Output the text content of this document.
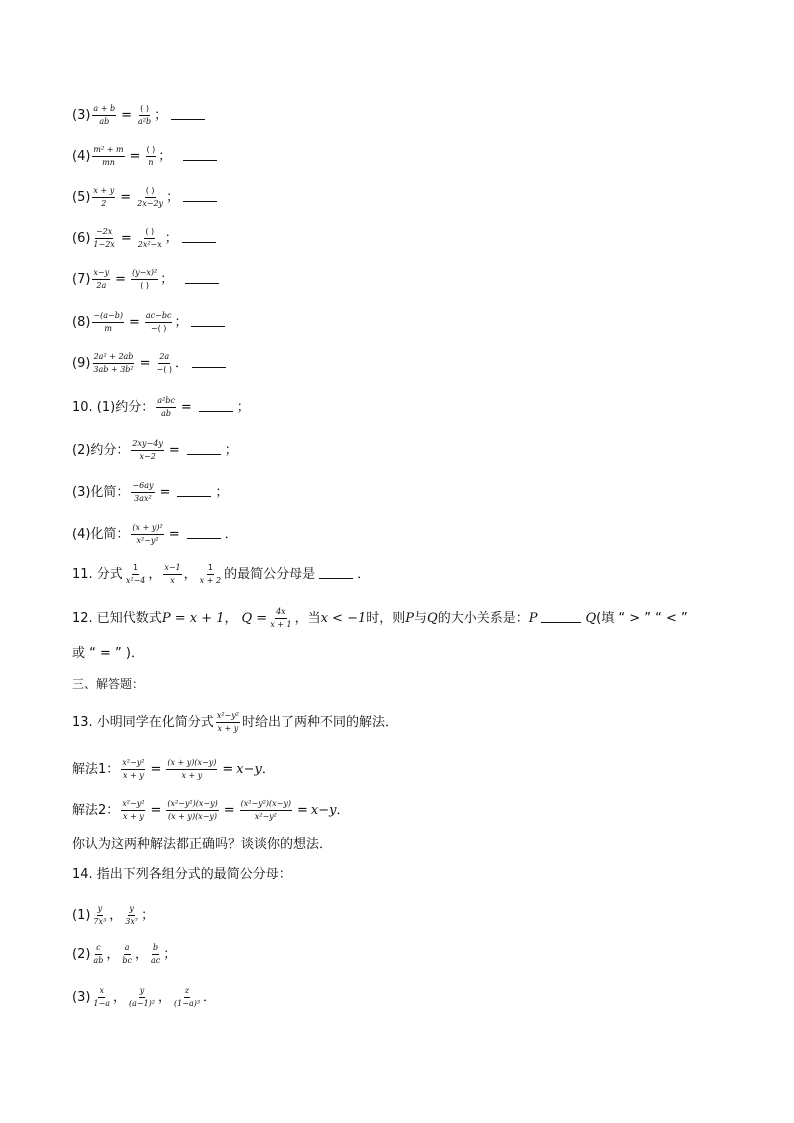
$(3) \frac{a + b}{ab} = \frac{( )}{\text{a²b}}$ ；
$(4) \frac{\text{m² + m}}{mn} = \frac{( )}{n}$ ；
$(5) \frac{x + y}{2} = \frac{( )}{2x-2y}$ ；
$(6) \frac{-2x}{1-2x} = \frac{( )}{\text{2x²−x}}$ ；
$(7) \frac{x-y}{2a} = \frac{\text{(y−x)²}}{( )}$ ；
$(8) \frac{-(a-b)}{m} = \frac{ac-bc}{-( )}$ ；
$(9) \frac{\text{2a² + 2ab}}{\text{3ab + 3b²}} = \frac{2a}{-( )}$ ．
10. (1)约分： $\frac{\text{a²bc}}{ab}$ =	；
(2)约分： $\frac{2xy-4y}{x-2}$ =	；
(3)化简： $\frac{-6ay}{\text{3ax²}}$ =	；
(4)化简： $\frac{\text{(x + y)²}}{\text{x²−y²}}$ =	．
11. 分式 $\frac{1}{\text{x²−4}}$ ， $\frac{x-1}{x}$ ， $\frac{1}{x + 2}$ 的最简公分母是	．
12. 已知代数式 P = x + 1 ， $Q = \frac{4x}{x + 1}$ ，当 x < −1 时，则 P 与 Q 的大小关系是： P	Q (填 “ > ” “ < ”
或 “ = ” )．
三、解答题：
13. 小明同学在化简分式 $\frac{\text{x²−y²}}{x + y}$ 时给出了两种不同的解法．
解法1： $\frac{\text{x²−y²}}{x + y} = \frac{(x + y)(x-y)}{x + y} = x-y$ ．
解法2： $\frac{\text{x²−y²}}{x + y} = \frac{\text{(x²−y²)(x−y)}}{(x + y)(x-y)} = \frac{\text{(x²−y²)(x−y)}}{\text{x²−y²}} = x-y$ ．
你认为这两种解法都正确吗？谈谈你的想法．
14. 指出下列各组分式的最简公分母：
$(1) \frac{y}{\text{7x³}}$ ， $\frac{y}{\text{3x⁷}}$ ；
$(2) \frac{c}{ab}$ ， $\frac{a}{bc}$ ， $\frac{b}{ac}$ ；
$(3) \frac{x}{1-a}$ ， $\frac{y}{\text{(a−1)²}}$ ， $\frac{z}{\text{(1−a)³}}$ ．
